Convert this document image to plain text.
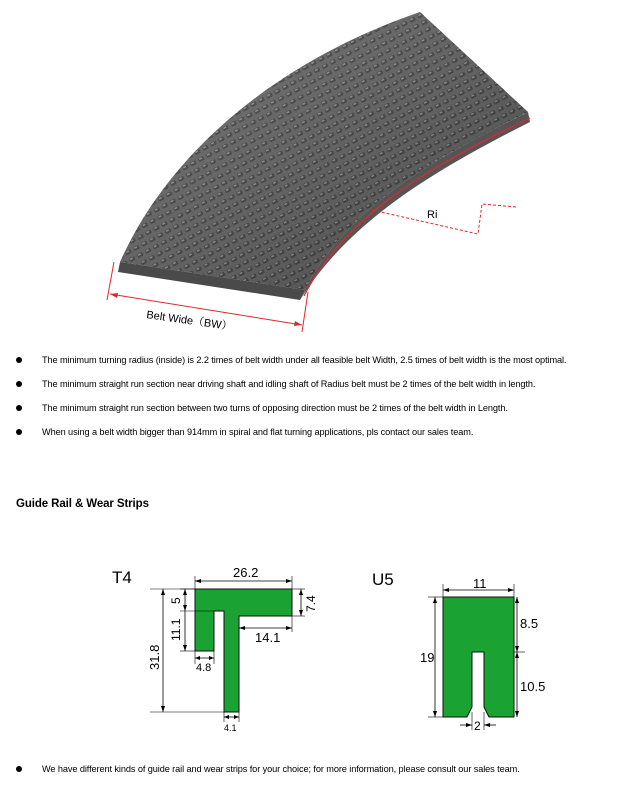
Belt Wide（BW）
Ri
The minimum turning radius (inside) is 2.2 times of belt width under all feasible belt Width, 2.5 times of belt width is the most optimal.
The minimum straight run section near driving shaft and idling shaft of Radius belt must be 2 times of the belt width in length.
The minimum straight run section between two turns of opposing direction must be 2 times of the belt width in Length.
When using a belt width bigger than 914mm in spiral and flat turning applications, pls contact our sales team.
Guide Rail & Wear Strips
T4	26.2
7.4
14.1
5
11.1
31.8	4.8
4.1
U5	11
19
8.5
10.5
2
We have different kinds of guide rail and wear strips for your choice; for more information, please consult our sales team.
